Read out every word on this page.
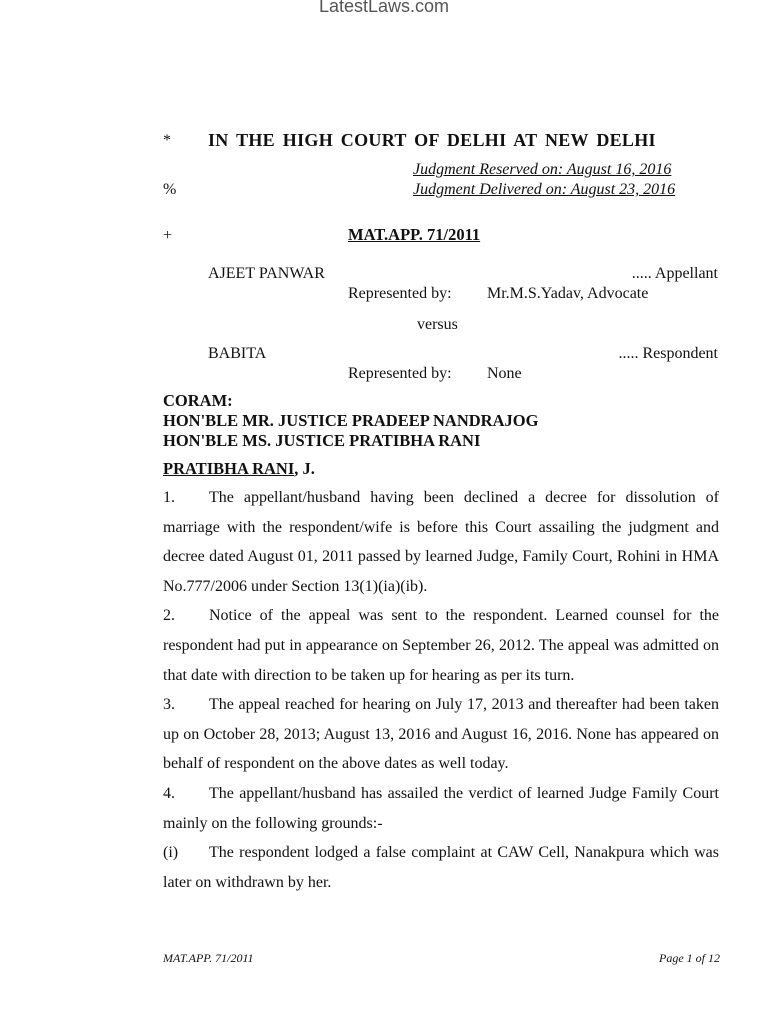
LatestLaws.com
* IN THE HIGH COURT OF DELHI AT NEW DELHI
Judgment Reserved on: August 16, 2016
%	Judgment Delivered on: August 23, 2016
+	MAT.APP. 71/2011
AJEET PANWAR	..... Appellant
Represented by: Mr.M.S.Yadav, Advocate
versus
BABITA	..... Respondent
Represented by: None
CORAM:
HON'BLE MR. JUSTICE PRADEEP NANDRAJOG
HON'BLE MS. JUSTICE PRATIBHA RANI
PRATIBHA RANI, J.

1. The appellant/husband having been declined a decree for dissolution of marriage with the respondent/wife is before this Court assailing the judgment and decree dated August 01, 2011 passed by learned Judge, Family Court, Rohini in HMA No.777/2006 under Section 13(1)(ia)(ib).

2. Notice of the appeal was sent to the respondent. Learned counsel for the respondent had put in appearance on September 26, 2012. The appeal was admitted on that date with direction to be taken up for hearing as per its turn.

3. The appeal reached for hearing on July 17, 2013 and thereafter had been taken up on October 28, 2013; August 13, 2016 and August 16, 2016. None has appeared on behalf of respondent on the above dates as well today.

4. The appellant/husband has assailed the verdict of learned Judge Family Court mainly on the following grounds:-

(i) The respondent lodged a false complaint at CAW Cell, Nanakpura which was later on withdrawn by her.

MAT.APP. 71/2011	Page 1 of 12
